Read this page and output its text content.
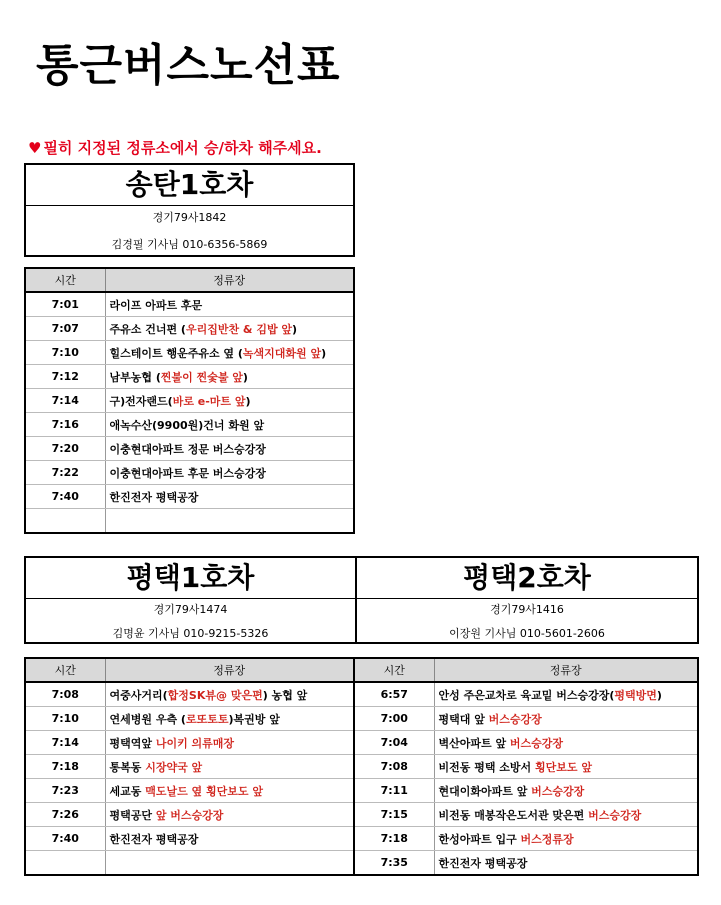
통근버스노선표
♥ 필히 지정된 정류소에서 승/하차 해주세요.
송탄1호차
경기79사1842
김경필 기사님 010-6356-5869
시간	정류장
7:01	라이프 아파트 후문
7:07	주유소 건너편 (우리집반찬 & 김밥 앞)
7:10	힐스테이트 행운주유소 옆 (녹색지대화원 앞)
7:12	남부농협 (찐불이 찐숯불 앞)
7:14	구)전자랜드(바로 e-마트 앞)
7:16	애녹수산(9900원)건너 화원 앞
7:20	이충현대아파트 정문 버스승강장
7:22	이충현대아파트 후문 버스승강장
7:40	한진전자 평택공장

평택1호차
경기79사1474
김명윤 기사님 010-9215-5326
평택2호차
경기79사1416
이장원 기사님 010-5601-2606
시간	정류장
7:08	여중사거리(합정SK뷰@ 맞은편) 농협 앞
7:10	연세병원 우측 (로또토토)복권방 앞
7:14	평택역앞 나이키 의류매장
7:18	통복동 시장약국 앞
7:23	세교동 맥도날드 옆 횡단보도 앞
7:26	평택공단 앞 버스승강장
7:40	한진전자 평택공장

시간	정류장
6:57	안성 주은교차로 육교밑 버스승강장(평택방면)
7:00	평택대 앞 버스승강장
7:04	벽산아파트 앞 버스승강장
7:08	비전동 평택 소방서 횡단보도 앞
7:11	현대이화아파트 앞 버스승강장
7:15	비전동 매봉작은도서관 맞은편 버스승강장
7:18	한성아파트 입구 버스정류장
7:35	한진전자 평택공장
